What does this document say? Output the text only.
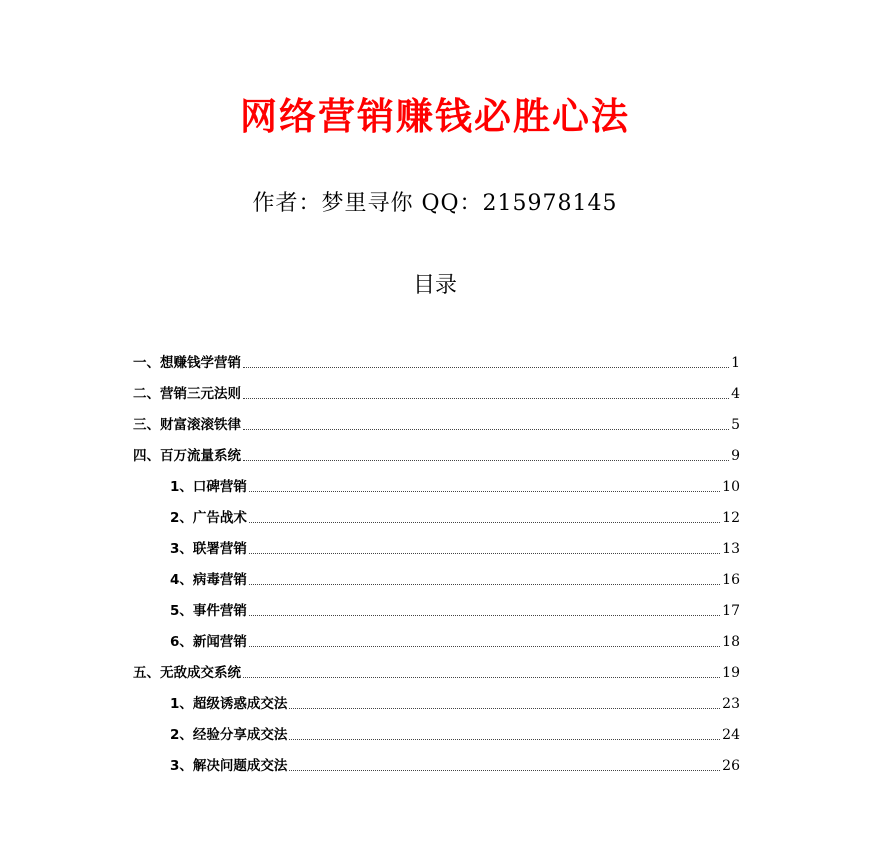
网络营销赚钱必胜心法
作者：梦里寻你 QQ：215978145
目录
一、想赚钱学营销	1
二、营销三元法则	4
三、财富滚滚铁律	5
四、百万流量系统	9
1、口碑营销	10
2、广告战术	12
3、联署营销	13
4、病毒营销	16
5、事件营销	17
6、新闻营销	18
五、无敌成交系统	19
1、超级诱惑成交法	23
2、经验分享成交法	24
3、解决问题成交法	26
